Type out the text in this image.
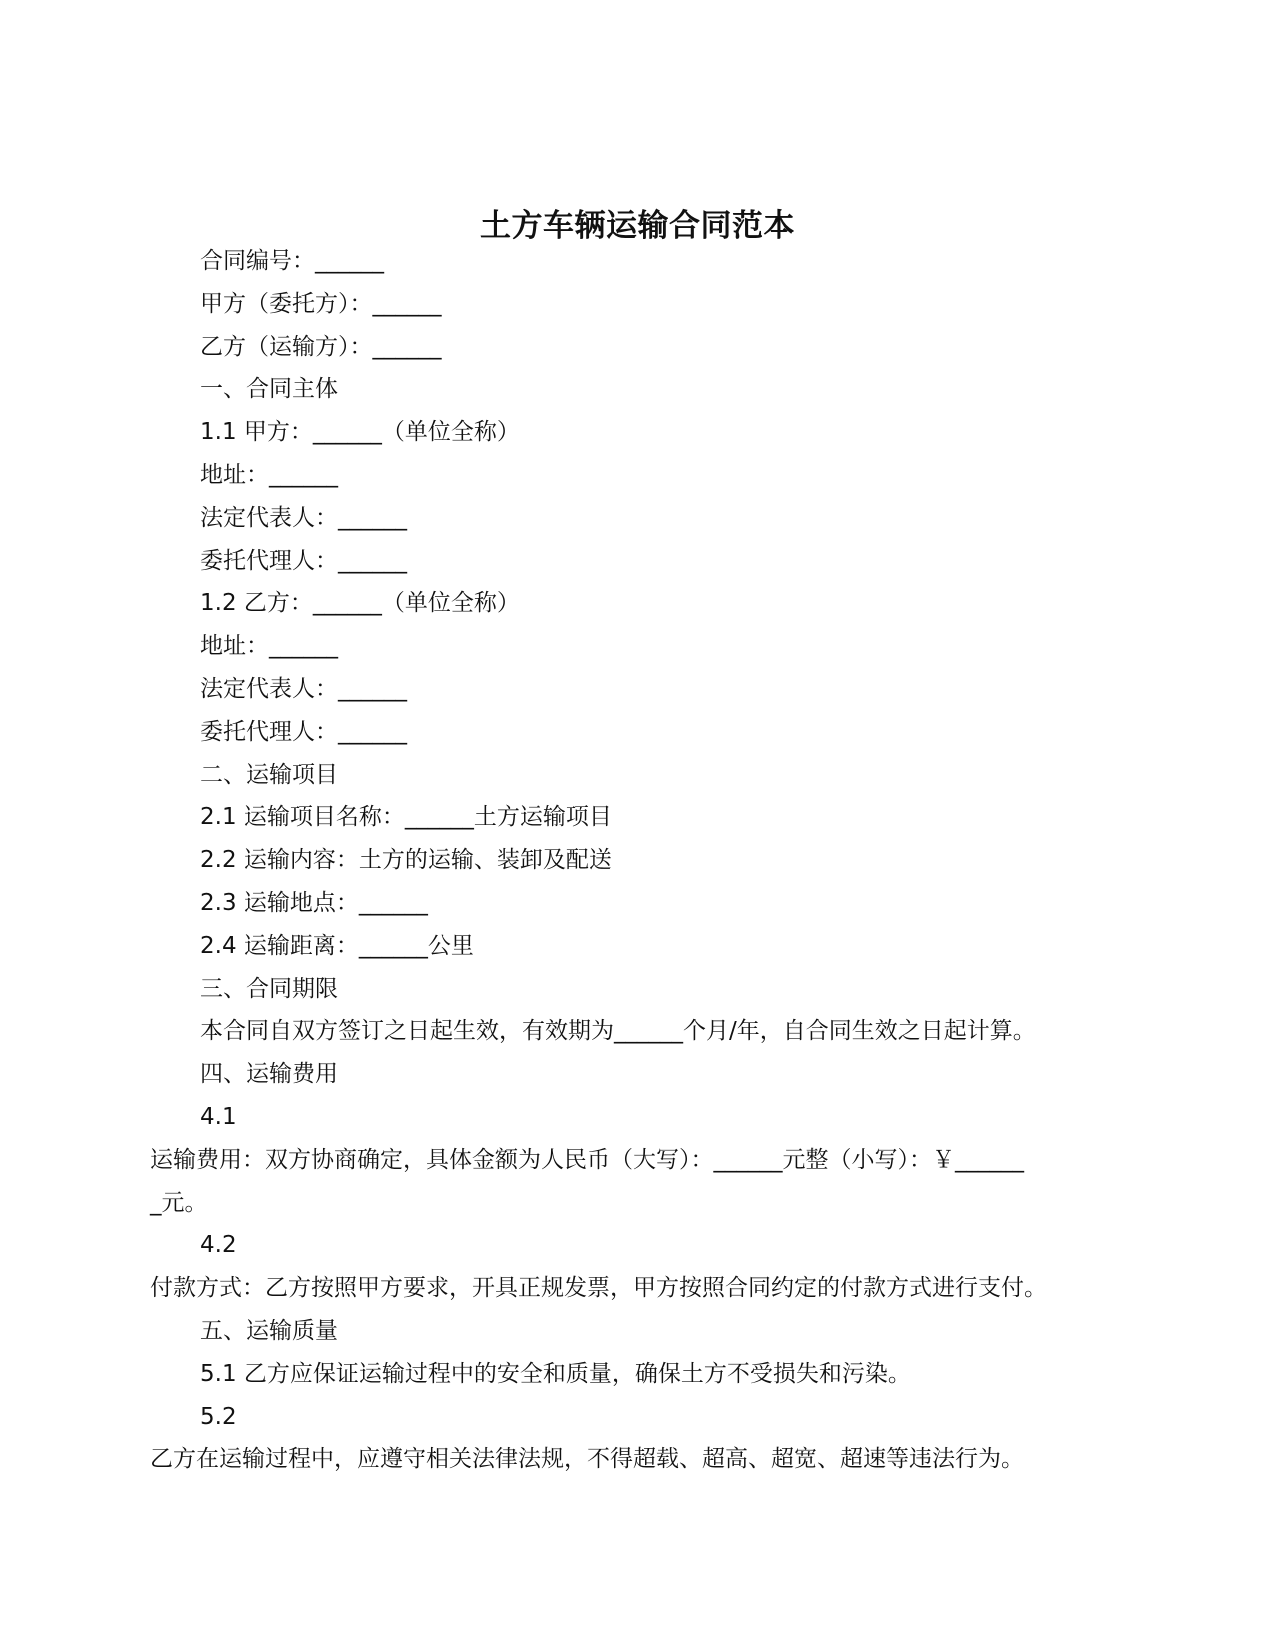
土方车辆运输合同范本

合同编号：______

甲方（委托方）：______

乙方（运输方）：______

一、合同主体

1.1 甲方：______（单位全称）

地址：______

法定代表人：______

委托代理人：______

1.2 乙方：______（单位全称）

地址：______

法定代表人：______

委托代理人：______

二、运输项目

2.1 运输项目名称：______土方运输项目

2.2 运输内容：土方的运输、装卸及配送

2.3 运输地点：______

2.4 运输距离：______公里

三、合同期限

本合同自双方签订之日起生效，有效期为______个月/年，自合同生效之日起计算。

四、运输费用

4.1

运输费用：双方协商确定，具体金额为人民币（大写）：______元整（小写）：￥______

_元。

4.2

付款方式：乙方按照甲方要求，开具正规发票，甲方按照合同约定的付款方式进行支付。

五、运输质量

5.1 乙方应保证运输过程中的安全和质量，确保土方不受损失和污染。

5.2

乙方在运输过程中，应遵守相关法律法规，不得超载、超高、超宽、超速等违法行为。
